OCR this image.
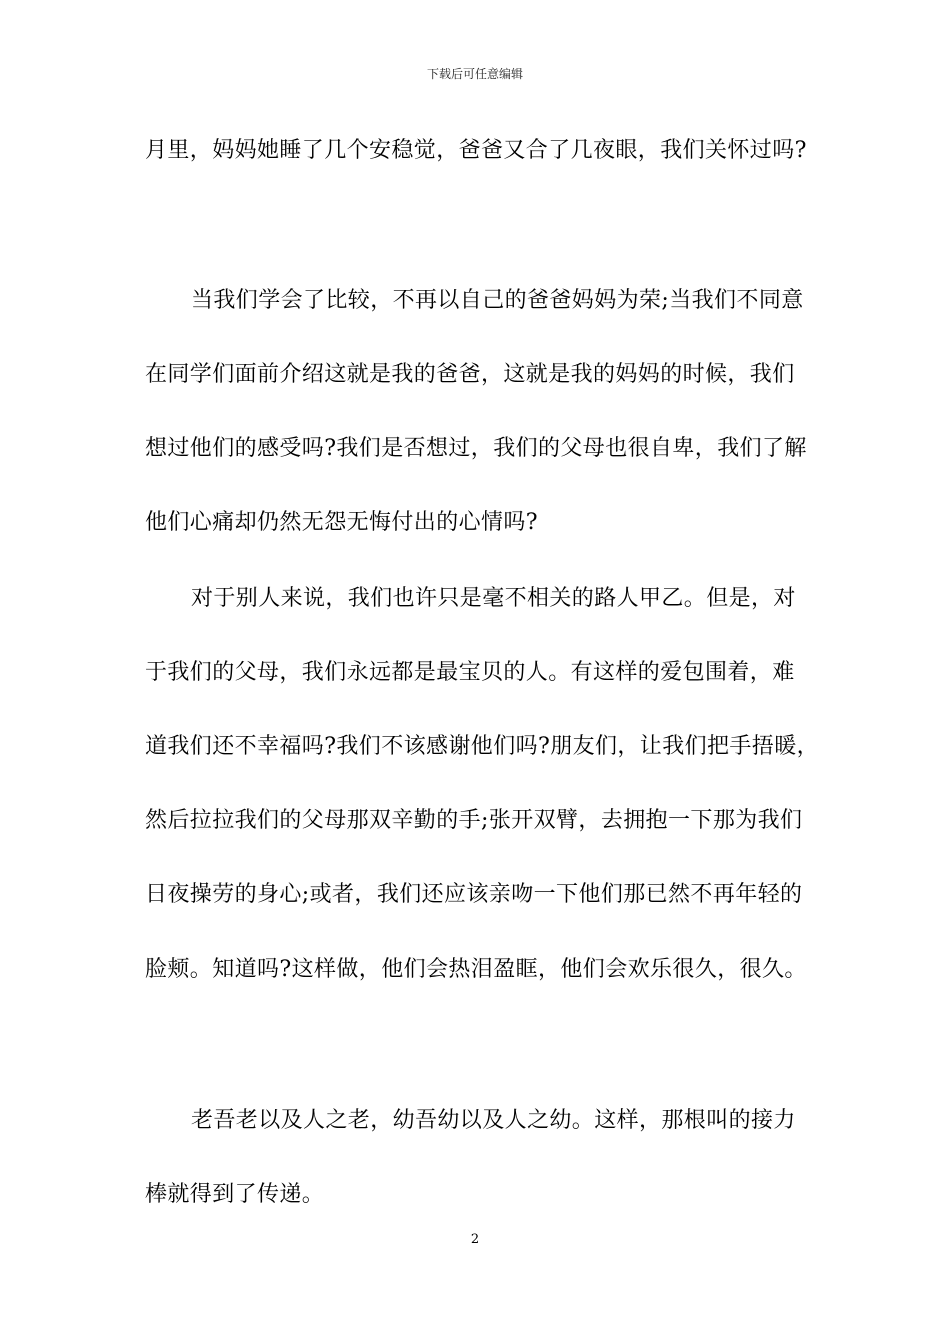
下载后可任意编辑
月里，妈妈她睡了几个安稳觉，爸爸又合了几夜眼，我们关怀过吗?
当我们学会了比较，不再以自己的爸爸妈妈为荣;当我们不同意
在同学们面前介绍这就是我的爸爸，这就是我的妈妈的时候，我们
想过他们的感受吗?我们是否想过，我们的父母也很自卑，我们了解
他们心痛却仍然无怨无悔付出的心情吗?
对于别人来说，我们也许只是毫不相关的路人甲乙。但是，对
于我们的父母，我们永远都是最宝贝的人。有这样的爱包围着，难
道我们还不幸福吗?我们不该感谢他们吗?朋友们，让我们把手捂暖，
然后拉拉我们的父母那双辛勤的手;张开双臂，去拥抱一下那为我们
日夜操劳的身心;或者，我们还应该亲吻一下他们那已然不再年轻的
脸颊。知道吗?这样做，他们会热泪盈眶，他们会欢乐很久，很久。
老吾老以及人之老，幼吾幼以及人之幼。这样，那根叫的接力
棒就得到了传递。
2
